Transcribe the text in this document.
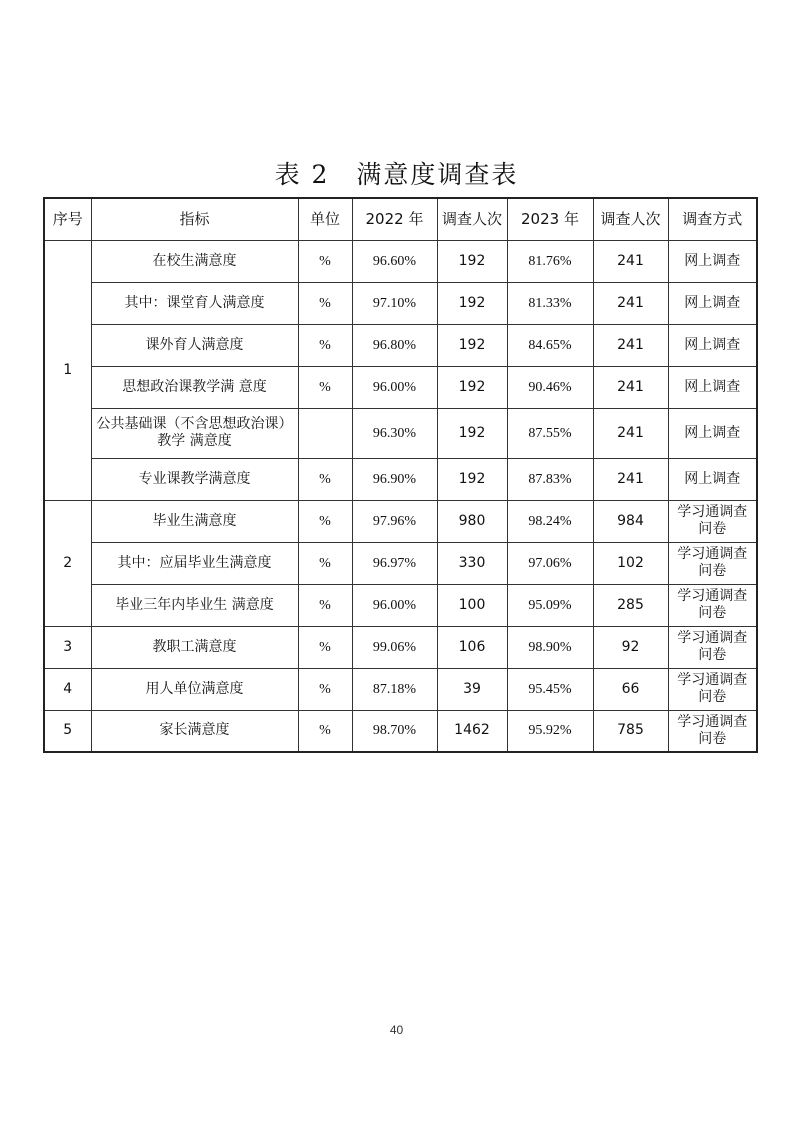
表 2　满意度调查表
序号	指标	单位	2022 年	调查人次	2023 年	调查人次	调查方式
1	在校生满意度	%	96.60%	192	81.76%	241	网上调查
	其中：课堂育人满意度	%	97.10%	192	81.33%	241	网上调查
	课外育人满意度	%	96.80%	192	84.65%	241	网上调查
	思想政治课教学满 意度	%	96.00%	192	90.46%	241	网上调查
	公共基础课（不含思想政治课）教学 满意度		96.30%	192	87.55%	241	网上调查
	专业课教学满意度	%	96.90%	192	87.83%	241	网上调查
2	毕业生满意度	%	97.96%	980	98.24%	984	学习通调查问卷
	其中：应届毕业生满意度	%	96.97%	330	97.06%	102	学习通调查问卷
	毕业三年内毕业生 满意度	%	96.00%	100	95.09%	285	学习通调查问卷
3	教职工满意度	%	99.06%	106	98.90%	92	学习通调查问卷
4	用人单位满意度	%	87.18%	39	95.45%	66	学习通调查问卷
5	家长满意度	%	98.70%	1462	95.92%	785	学习通调查问卷
40
